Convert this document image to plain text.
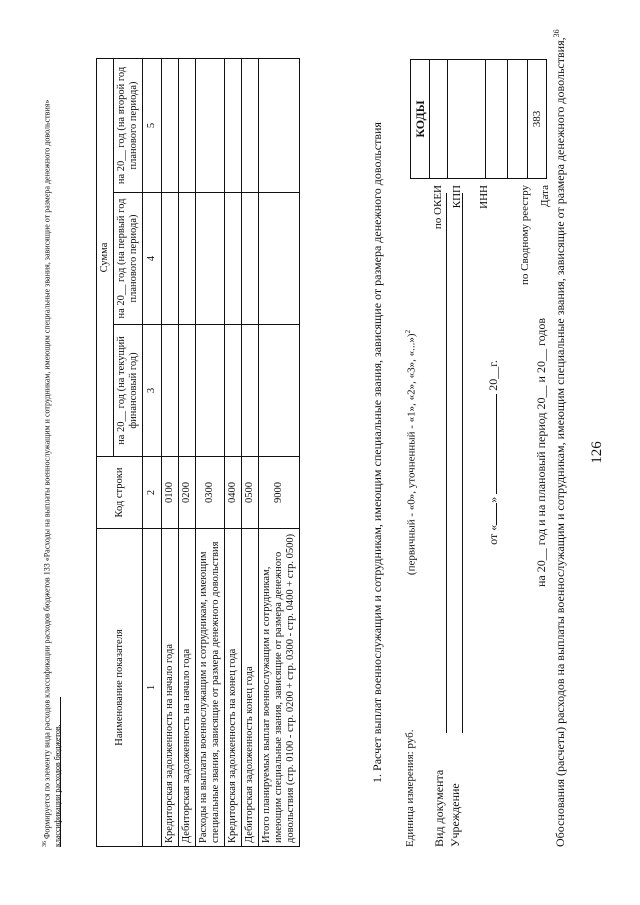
126
Обоснования (расчеты) расходов на выплаты военнослужащим и сотрудникам, имеющим специальные звания, зависящие от размера денежного довольствия,$^{36}$
на 20__ год и на плановый период 20__ и 20__ годов
от «»  20__г.
Учреждение
Вид документа
(первичный - «0», уточненный - «1», «2», «3», «...»)$^2$
Единица измерения: руб.
Дата
по Сводному реестру
ИНН
КПП
по ОКЕИ
КОДЫ

383
1. Расчет выплат военнослужащим и сотрудникам, имеющим специальные звания, зависящие от размера денежного довольствия
Наименование показателя	Код строки	Сумма		
		на 20__ год (на текущий финансовый год)	на 20__ год (на первый год планового периода)	на 20__ год (на второй год планового периода)
1	2	3	4	5
Кредиторская задолженность на начало года	0100			
Дебиторская задолженность на начало года	0200			
Расходы на выплаты военнослужащим и сотрудникам, имеющим специальные звания, зависящие от размера денежного довольствия	0300			
Кредиторская задолженность на конец года	0400			
Дебиторская задолженность конец года	0500			
Итого планируемых выплат военнослужащим и сотрудникам, имеющим специальные звания, зависящие от размера денежного довольствия (стр. 0100 - стр. 0200 + стр. 0300 - стр. 0400 + стр. 0500)	9000			
$^{36}$ Формируется по элементу вида расходов классификации расходов бюджетов 133 «Расходы на выплаты военнослужащим и сотрудникам, имеющим специальные звания, зависящие от размера денежного довольствия» классификации расходов бюджетов.
